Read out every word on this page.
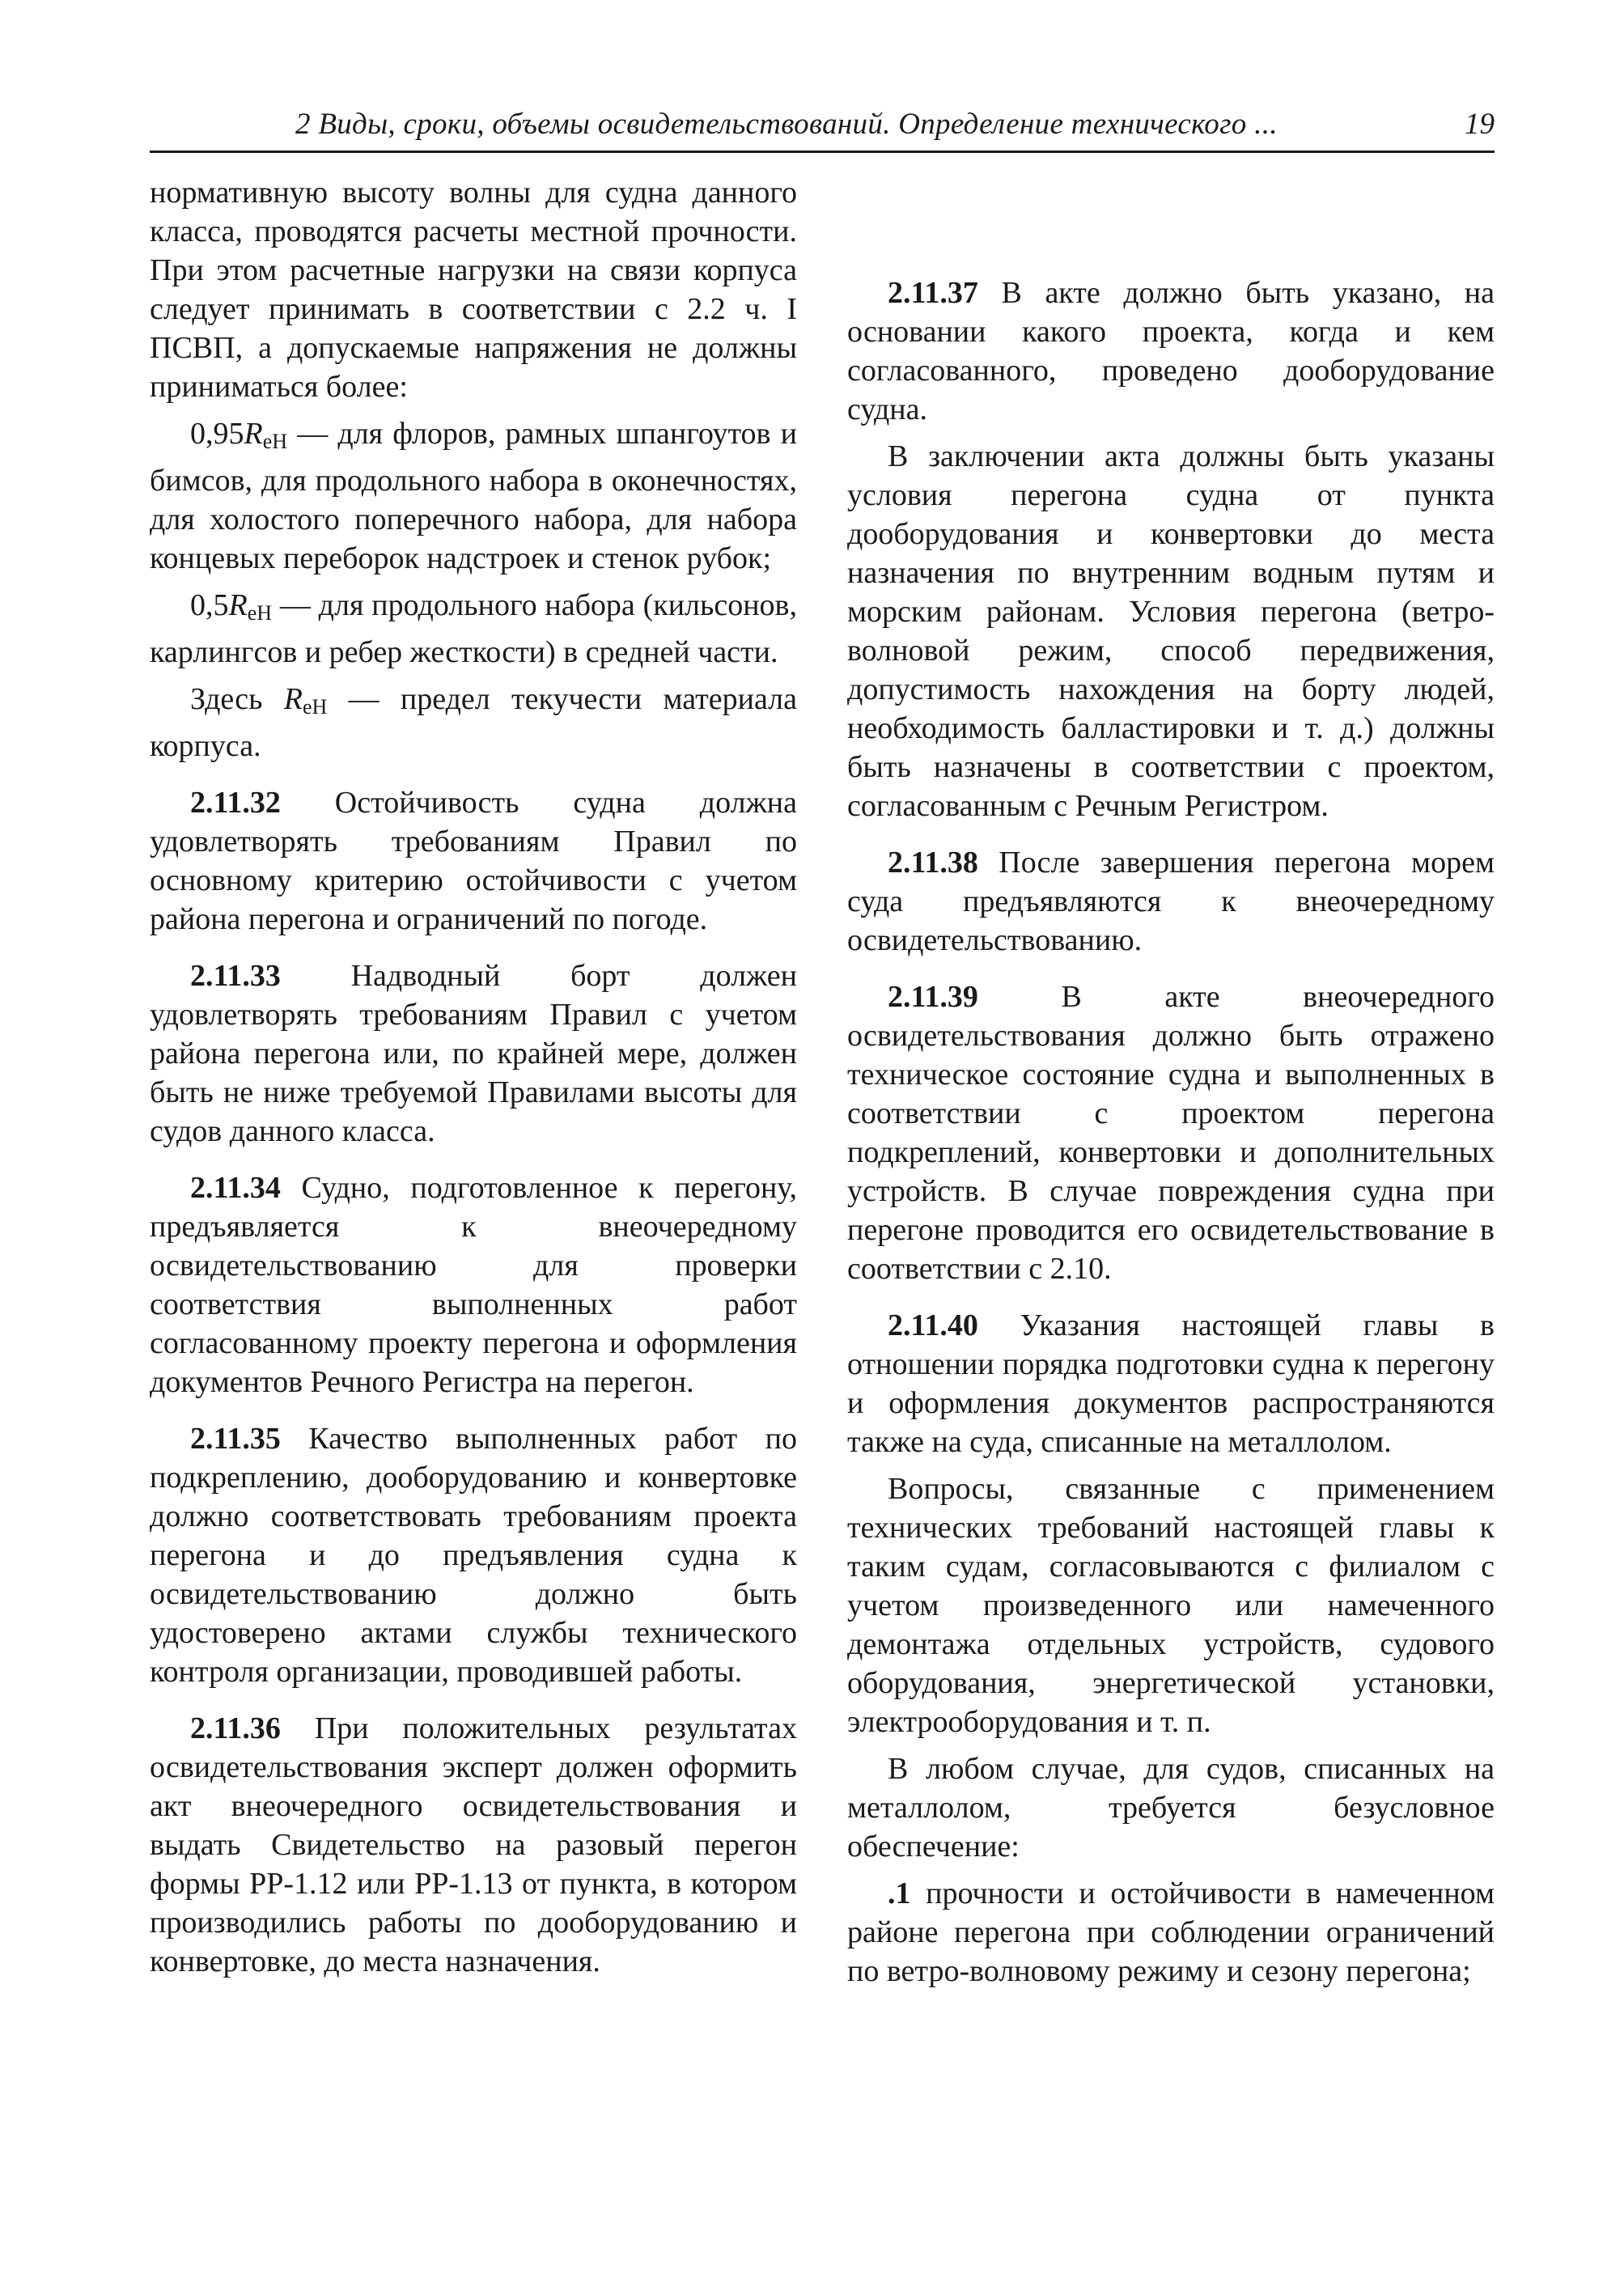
2 Виды, сроки, объемы освидетельствований. Определение технического ...	19

нормативную высоту волны для судна данного класса, проводятся расчеты местной прочности. При этом расчетные нагрузки на связи корпуса следует принимать в соответствии с 2.2 ч. I ПСВП, а допускаемые напряжения не должны приниматься более:

0,95ReH — для флоров, рамных шпангоутов и бимсов, для продольного набора в оконечностях, для холостого поперечного набора, для набора концевых переборок надстроек и стенок рубок;

0,5ReH — для продольного набора (кильсонов, карлингсов и ребер жесткости) в средней части.

Здесь ReH — предел текучести материала корпуса.

2.11.32 Остойчивость судна должна удовлетворять требованиям Правил по основному критерию остойчивости с учетом района перегона и ограничений по погоде.

2.11.33 Надводный борт должен удовлетворять требованиям Правил с учетом района перегона или, по крайней мере, должен быть не ниже требуемой Правилами высоты для судов данного класса.

2.11.34 Судно, подготовленное к перегону, предъявляется к внеочередному освидетельствованию для проверки соответствия выполненных работ согласованному проекту перегона и оформления документов Речного Регистра на перегон.

2.11.35 Качество выполненных работ по подкреплению, дооборудованию и конвертовке должно соответствовать требованиям проекта перегона и до предъявления судна к освидетельствованию должно быть удостоверено актами службы технического контроля организации, проводившей работы.

2.11.36 При положительных результатах освидетельствования эксперт должен оформить акт внеочередного освидетельствования и выдать Свидетельство на разовый перегон формы РР-1.12 или РР-1.13 от пункта, в котором производились работы по дооборудованию и конвертовке, до места назначения.

2.11.37 В акте должно быть указано, на основании какого проекта, когда и кем согласованного, проведено дооборудование судна.

В заключении акта должны быть указаны условия перегона судна от пункта дооборудования и конвертовки до места назначения по внутренним водным путям и морским районам. Условия перегона (ветро-волновой режим, способ передвижения, допустимость нахождения на борту людей, необходимость балластировки и т. д.) должны быть назначены в соответствии с проектом, согласованным с Речным Регистром.

2.11.38 После завершения перегона морем суда предъявляются к внеочередному освидетельствованию.

2.11.39 В акте внеочередного освидетельствования должно быть отражено техническое состояние судна и выполненных в соответствии с проектом перегона подкреплений, конвертовки и дополнительных устройств. В случае повреждения судна при перегоне проводится его освидетельствование в соответствии с 2.10.

2.11.40 Указания настоящей главы в отношении порядка подготовки судна к перегону и оформления документов распространяются также на суда, списанные на металлолом.

Вопросы, связанные с применением технических требований настоящей главы к таким судам, согласовываются с филиалом с учетом произведенного или намеченного демонтажа отдельных устройств, судового оборудования, энергетической установки, электрооборудования и т. п.

В любом случае, для судов, списанных на металлолом, требуется безусловное обеспечение:

.1 прочности и остойчивости в намеченном районе перегона при соблюдении ограничений по ветро-волновому режиму и сезону перегона;
